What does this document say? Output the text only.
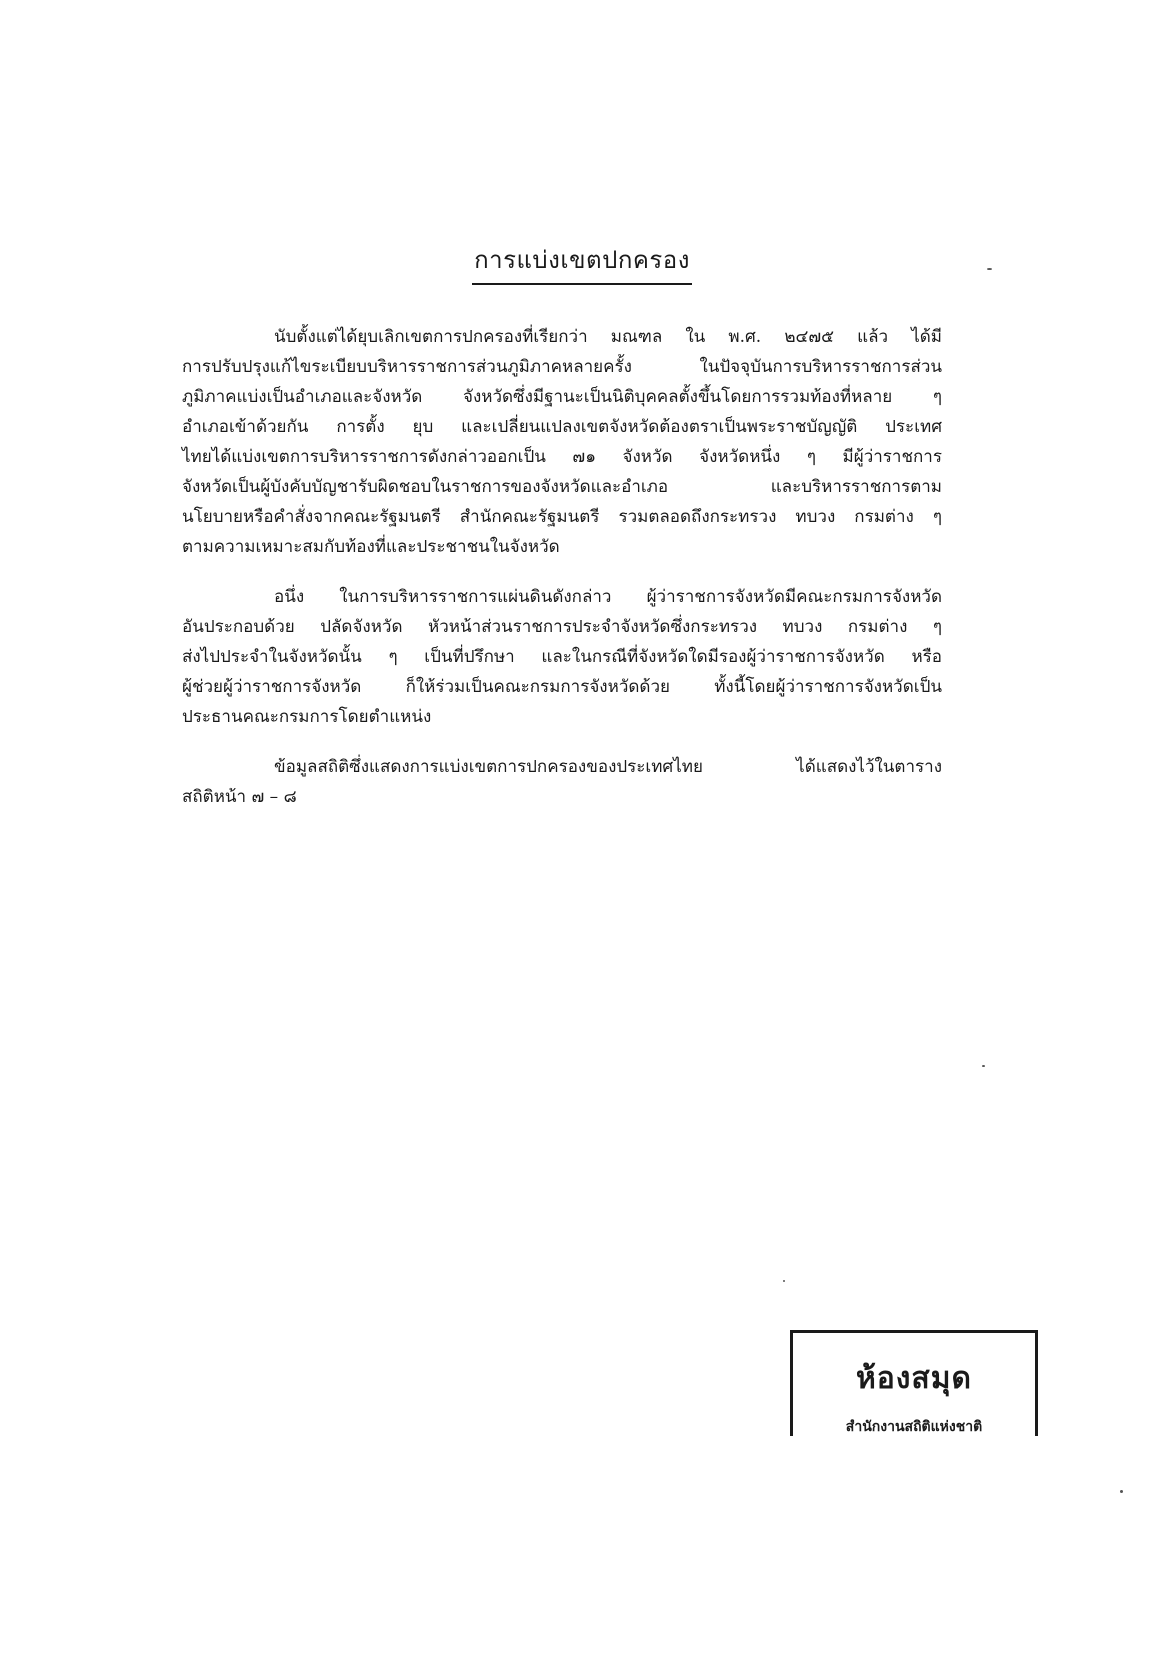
การแบ่งเขตปกครอง
นับตั้งแต่ได้ยุบเลิกเขตการปกครองที่เรียกว่า มณฑล ใน พ.ศ. ๒๔๗๕ แล้ว ได้มี
การปรับปรุงแก้ไขระเบียบบริหารราชการส่วนภูมิภาคหลายครั้ง ในปัจจุบันการบริหารราชการส่วน
ภูมิภาคแบ่งเป็นอำเภอและจังหวัด จังหวัดซึ่งมีฐานะเป็นนิติบุคคลตั้งขึ้นโดยการรวมท้องที่หลาย ๆ
อำเภอเข้าด้วยกัน การตั้ง ยุบ และเปลี่ยนแปลงเขตจังหวัดต้องตราเป็นพระราชบัญญัติ ประเทศ
ไทยได้แบ่งเขตการบริหารราชการดังกล่าวออกเป็น ๗๑ จังหวัด จังหวัดหนึ่ง ๆ มีผู้ว่าราชการ
จังหวัดเป็นผู้บังคับบัญชารับผิดชอบในราชการของจังหวัดและอำเภอ และบริหารราชการตาม
นโยบายหรือคำสั่งจากคณะรัฐมนตรี สำนักคณะรัฐมนตรี รวมตลอดถึงกระทรวง ทบวง กรมต่าง ๆ
ตามความเหมาะสมกับท้องที่และประชาชนในจังหวัด
อนึ่ง ในการบริหารราชการแผ่นดินดังกล่าว ผู้ว่าราชการจังหวัดมีคณะกรมการจังหวัด
อันประกอบด้วย ปลัดจังหวัด หัวหน้าส่วนราชการประจำจังหวัดซึ่งกระทรวง ทบวง กรมต่าง ๆ
ส่งไปประจำในจังหวัดนั้น ๆ เป็นที่ปรึกษา และในกรณีที่จังหวัดใดมีรองผู้ว่าราชการจังหวัด หรือ
ผู้ช่วยผู้ว่าราชการจังหวัด ก็ให้ร่วมเป็นคณะกรมการจังหวัดด้วย ทั้งนี้โดยผู้ว่าราชการจังหวัดเป็น
ประธานคณะกรมการโดยตำแหน่ง
ข้อมูลสถิติซึ่งแสดงการแบ่งเขตการปกครองของประเทศไทย ได้แสดงไว้ในตาราง
สถิติหน้า ๗ – ๘
ห้องสมุด
สำนักงานสถิติแห่งชาติ
